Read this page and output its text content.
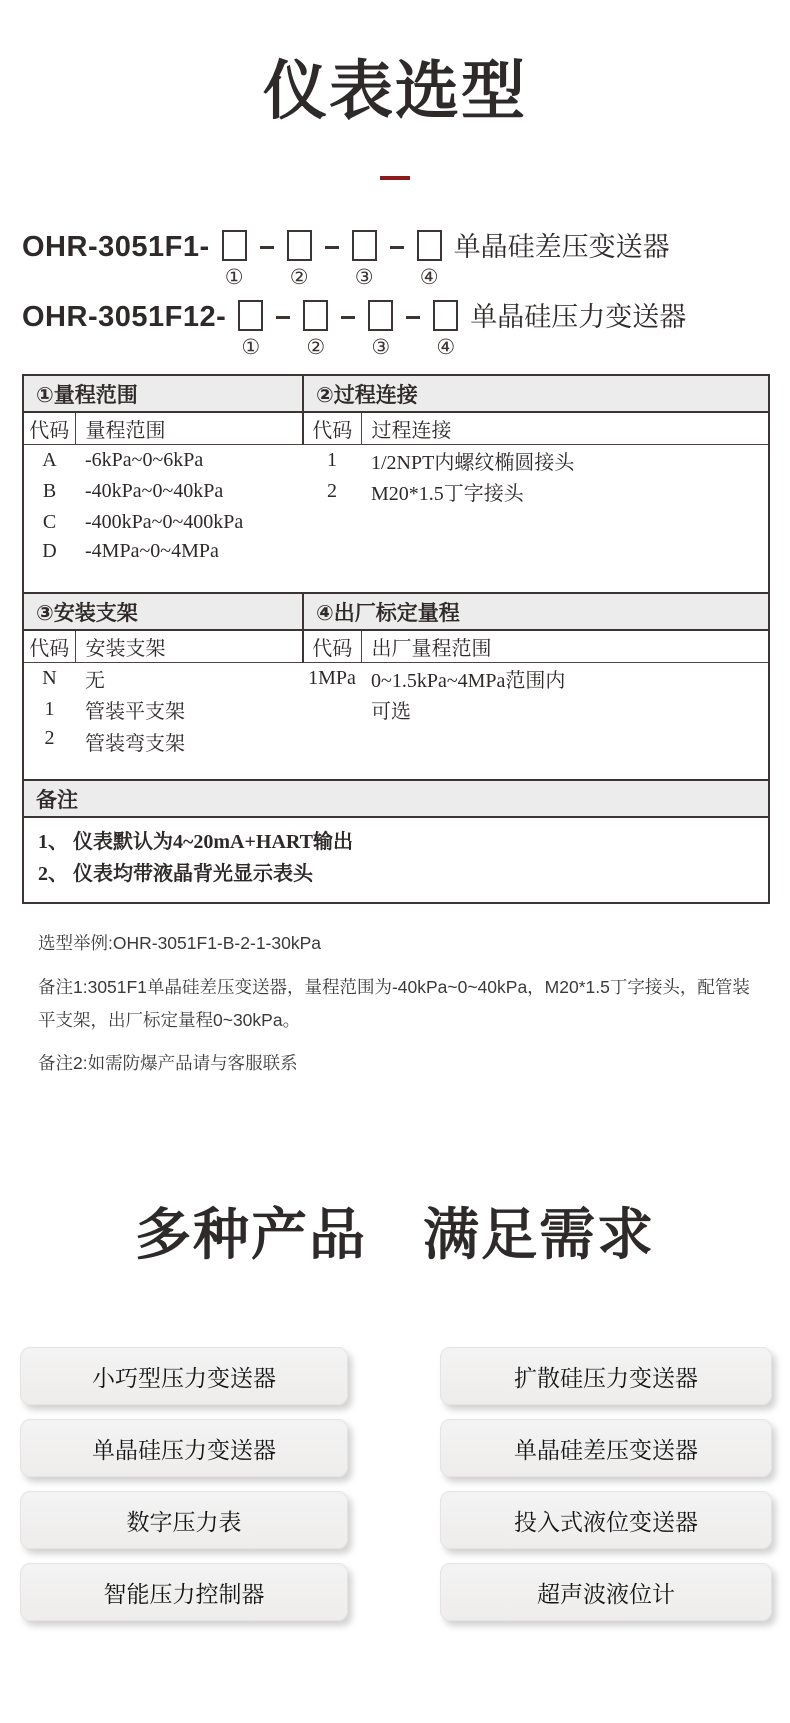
仪表选型
OHR-3051F1-
① ② ③ ④
单晶硅差压变送器
OHR-3051F12-
① ② ③ ④
单晶硅压力变送器
①量程范围		②过程连接	
代码	量程范围	代码	过程连接
A	-6kPa~0~6kPa	1	1/2NPT内螺纹椭圆接头
B	-40kPa~0~40kPa	2	M20*1.5丁字接头
C	-400kPa~0~400kPa		
D	-4MPa~0~4MPa		
③安装支架		④出厂标定量程	
代码	安装支架	代码	出厂量程范围
N	无	1MPa	0~1.5kPa~4MPa范围内
1	管装平支架		可选
2	管装弯支架		
备注			

1、 仪表默认为4~20mA+HART输出
2、 仪表均带液晶背光显示表头			

选型举例:OHR-3051F1-B-2-1-30kPa

备注1:3051F1单晶硅差压变送器，量程范围为-40kPa~0~40kPa，M20*1.5丁字接头，配管装平支架，出厂标定量程0~30kPa。

备注2:如需防爆产品请与客服联系

多种产品 满足需求
小巧型压力变送器	扩散硅压力变送器
单晶硅压力变送器	单晶硅差压变送器
数字压力表	投入式液位变送器
智能压力控制器	超声波液位计
